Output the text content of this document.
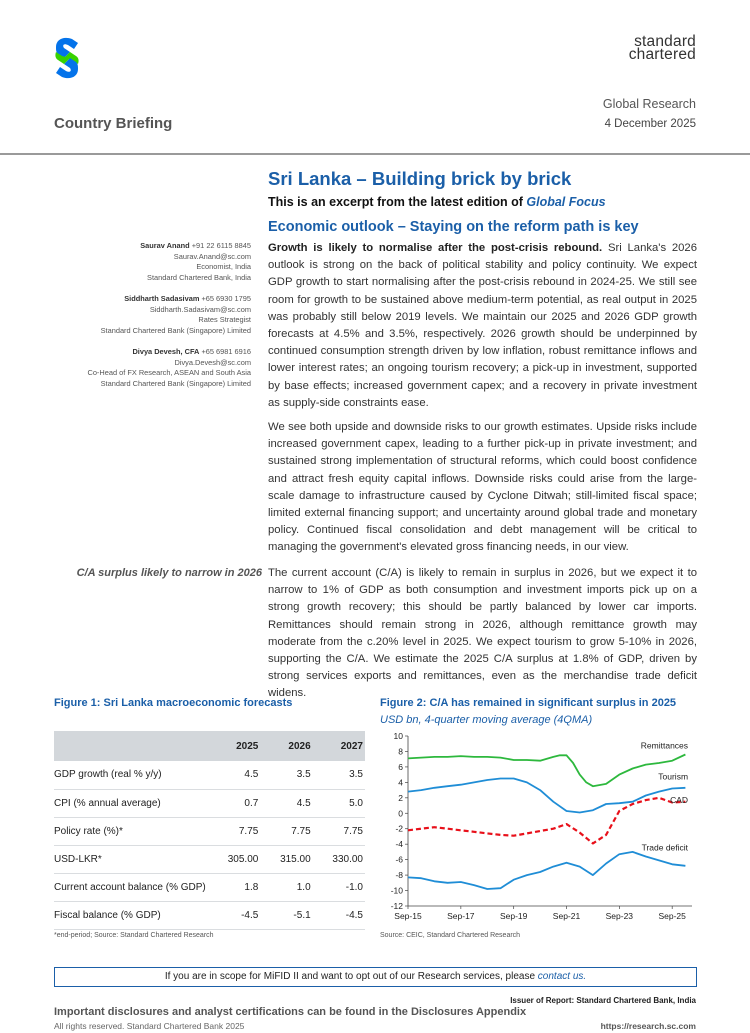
standard
chartered
Global Research
Country Briefing	4 December 2025
Sri Lanka – Building brick by brick
This is an excerpt from the latest edition of Global Focus
Economic outlook – Staying on the reform path is key
Saurav Anand +91 22 6115 8845
Saurav.Anand@sc.com
Economist, India
Standard Chartered Bank, India
Siddharth Sadasivam +65 6930 1795
Siddharth.Sadasivam@sc.com
Rates Strategist
Standard Chartered Bank (Singapore) Limited
Divya Devesh, CFA +65 6981 6916
Divya.Devesh@sc.com
Co-Head of FX Research, ASEAN and South Asia
Standard Chartered Bank (Singapore) Limited
C/A surplus likely to narrow in 2026
Growth is likely to normalise after the post-crisis rebound. Sri Lanka's 2026 outlook is strong on the back of political stability and policy continuity. We expect GDP growth to start normalising after the post-crisis rebound in 2024-25. We still see room for growth to be sustained above medium-term potential, as real output in 2025 was probably still below 2019 levels. We maintain our 2025 and 2026 GDP growth forecasts at 4.5% and 3.5%, respectively. 2026 growth should be underpinned by continued consumption strength driven by low inflation, robust remittance inflows and lower interest rates; an ongoing tourism recovery; a pick-up in investment, supported by base effects; increased government capex; and a recovery in private investment as supply-side constraints ease.
We see both upside and downside risks to our growth estimates. Upside risks include increased government capex, leading to a further pick-up in private investment; and sustained strong implementation of structural reforms, which could boost confidence and attract fresh equity capital inflows. Downside risks could arise from the large-scale damage to infrastructure caused by Cyclone Ditwah; still-limited fiscal space; limited external financing support; and uncertainty around global trade and monetary policy. Continued fiscal consolidation and debt management will be critical to managing the government's elevated gross financing needs, in our view.
The current account (C/A) is likely to remain in surplus in 2026, but we expect it to narrow to 1% of GDP as both consumption and investment imports pick up on a strong growth recovery; this should be partly balanced by lower car imports. Remittances should remain strong in 2026, although remittance growth may moderate from the c.20% level in 2025. We expect tourism to grow 5-10% in 2026, supporting the C/A. We estimate the 2025 C/A surplus at 1.8% of GDP, driven by strong services exports and remittances, even as the merchandise trade deficit widens.
Figure 1: Sri Lanka macroeconomic forecasts
	2025	2026	2027
GDP growth (real % y/y)	4.5	3.5	3.5
CPI (% annual average)	0.7	4.5	5.0
Policy rate (%)*	7.75	7.75	7.75
USD-LKR*	305.00	315.00	330.00
Current account balance (% GDP)	1.8	1.0	-1.0
Fiscal balance (% GDP)	-4.5	-5.1	-4.5
*end-period; Source: Standard Chartered Research
Figure 2: C/A has remained in significant surplus in 2025
USD bn, 4-quarter moving average (4QMA)
10
8
6
4
2
0
-2
-4
-6
-8
-10
-12
Sep-15	Sep-17	Sep-19	Sep-21	Sep-23	Sep-25
Remittances
Tourism
CAD
Trade deficit
Source: CEIC, Standard Chartered Research
If you are in scope for MiFID II and want to opt out of our Research services, please contact us.
Issuer of Report: Standard Chartered Bank, India
Important disclosures and analyst certifications can be found in the Disclosures Appendix
All rights reserved. Standard Chartered Bank 2025	https://research.sc.com
